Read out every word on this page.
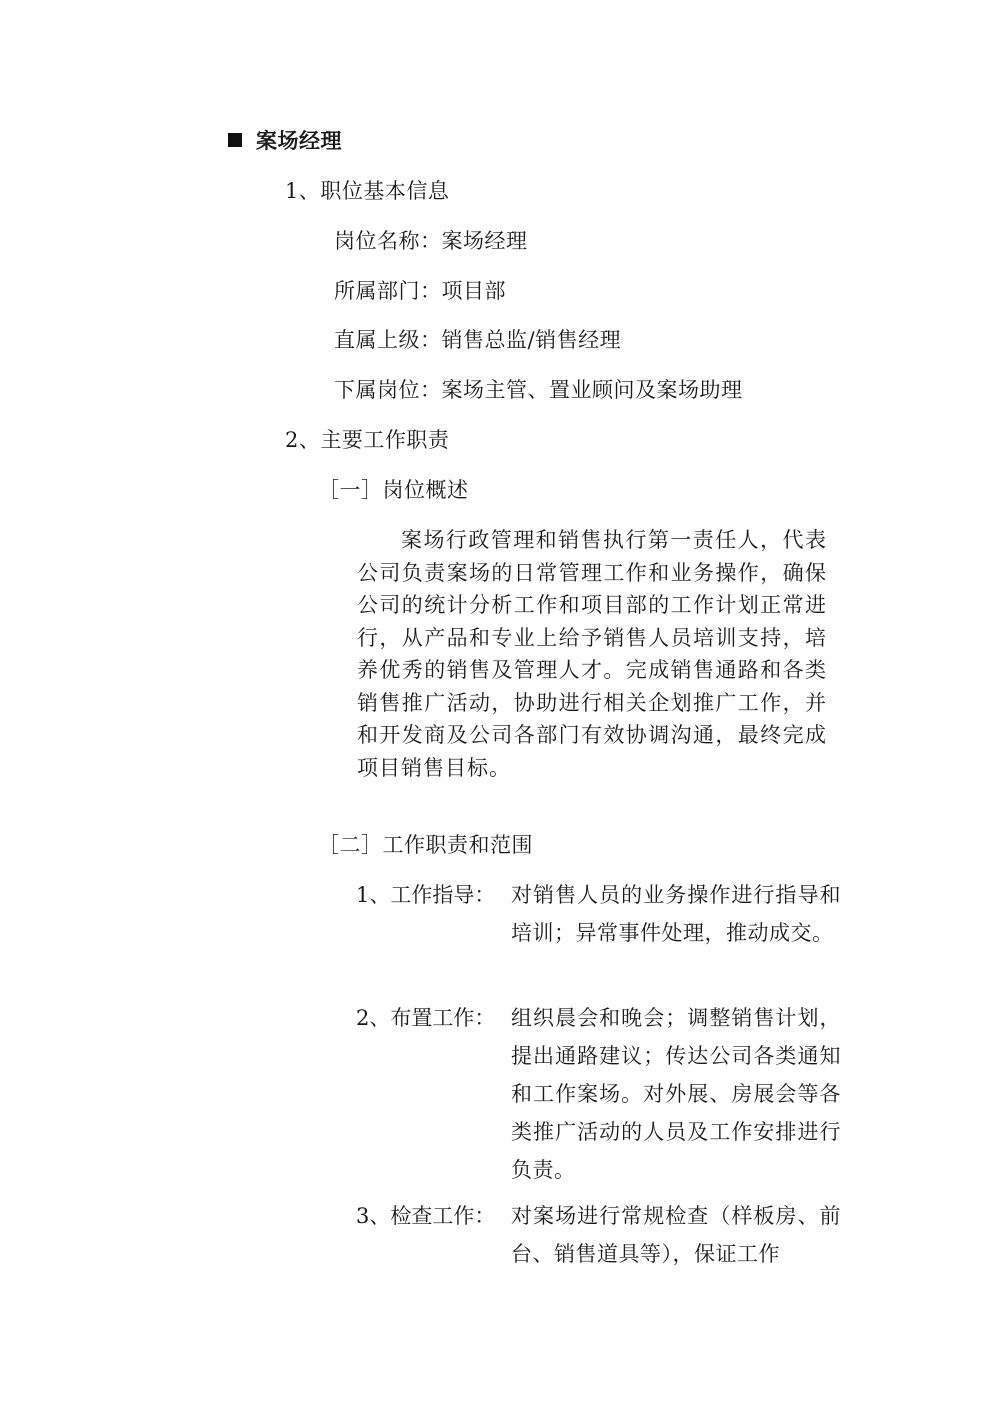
案场经理
1、职位基本信息
岗位名称：案场经理
所属部门：项目部
直属上级：销售总监/销售经理
下属岗位：案场主管、置业顾问及案场助理
2、主要工作职责
［一］岗位概述
案场行政管理和销售执行第一责任人，代表公司负责案场的日常管理工作和业务操作，确保公司的统计分析工作和项目部的工作计划正常进行，从产品和专业上给予销售人员培训支持，培养优秀的销售及管理人才。完成销售通路和各类销售推广活动，协助进行相关企划推广工作，并和开发商及公司各部门有效协调沟通，最终完成项目销售目标。
［二］工作职责和范围
1、工作指导： 对销售人员的业务操作进行指导和培训；异常事件处理，推动成交。
2、布置工作： 组织晨会和晚会；调整销售计划，提出通路建议；传达公司各类通知和工作案场。对外展、房展会等各类推广活动的人员及工作安排进行负责。
3、检查工作： 对案场进行常规检查（样板房、前台、销售道具等），保证工作
